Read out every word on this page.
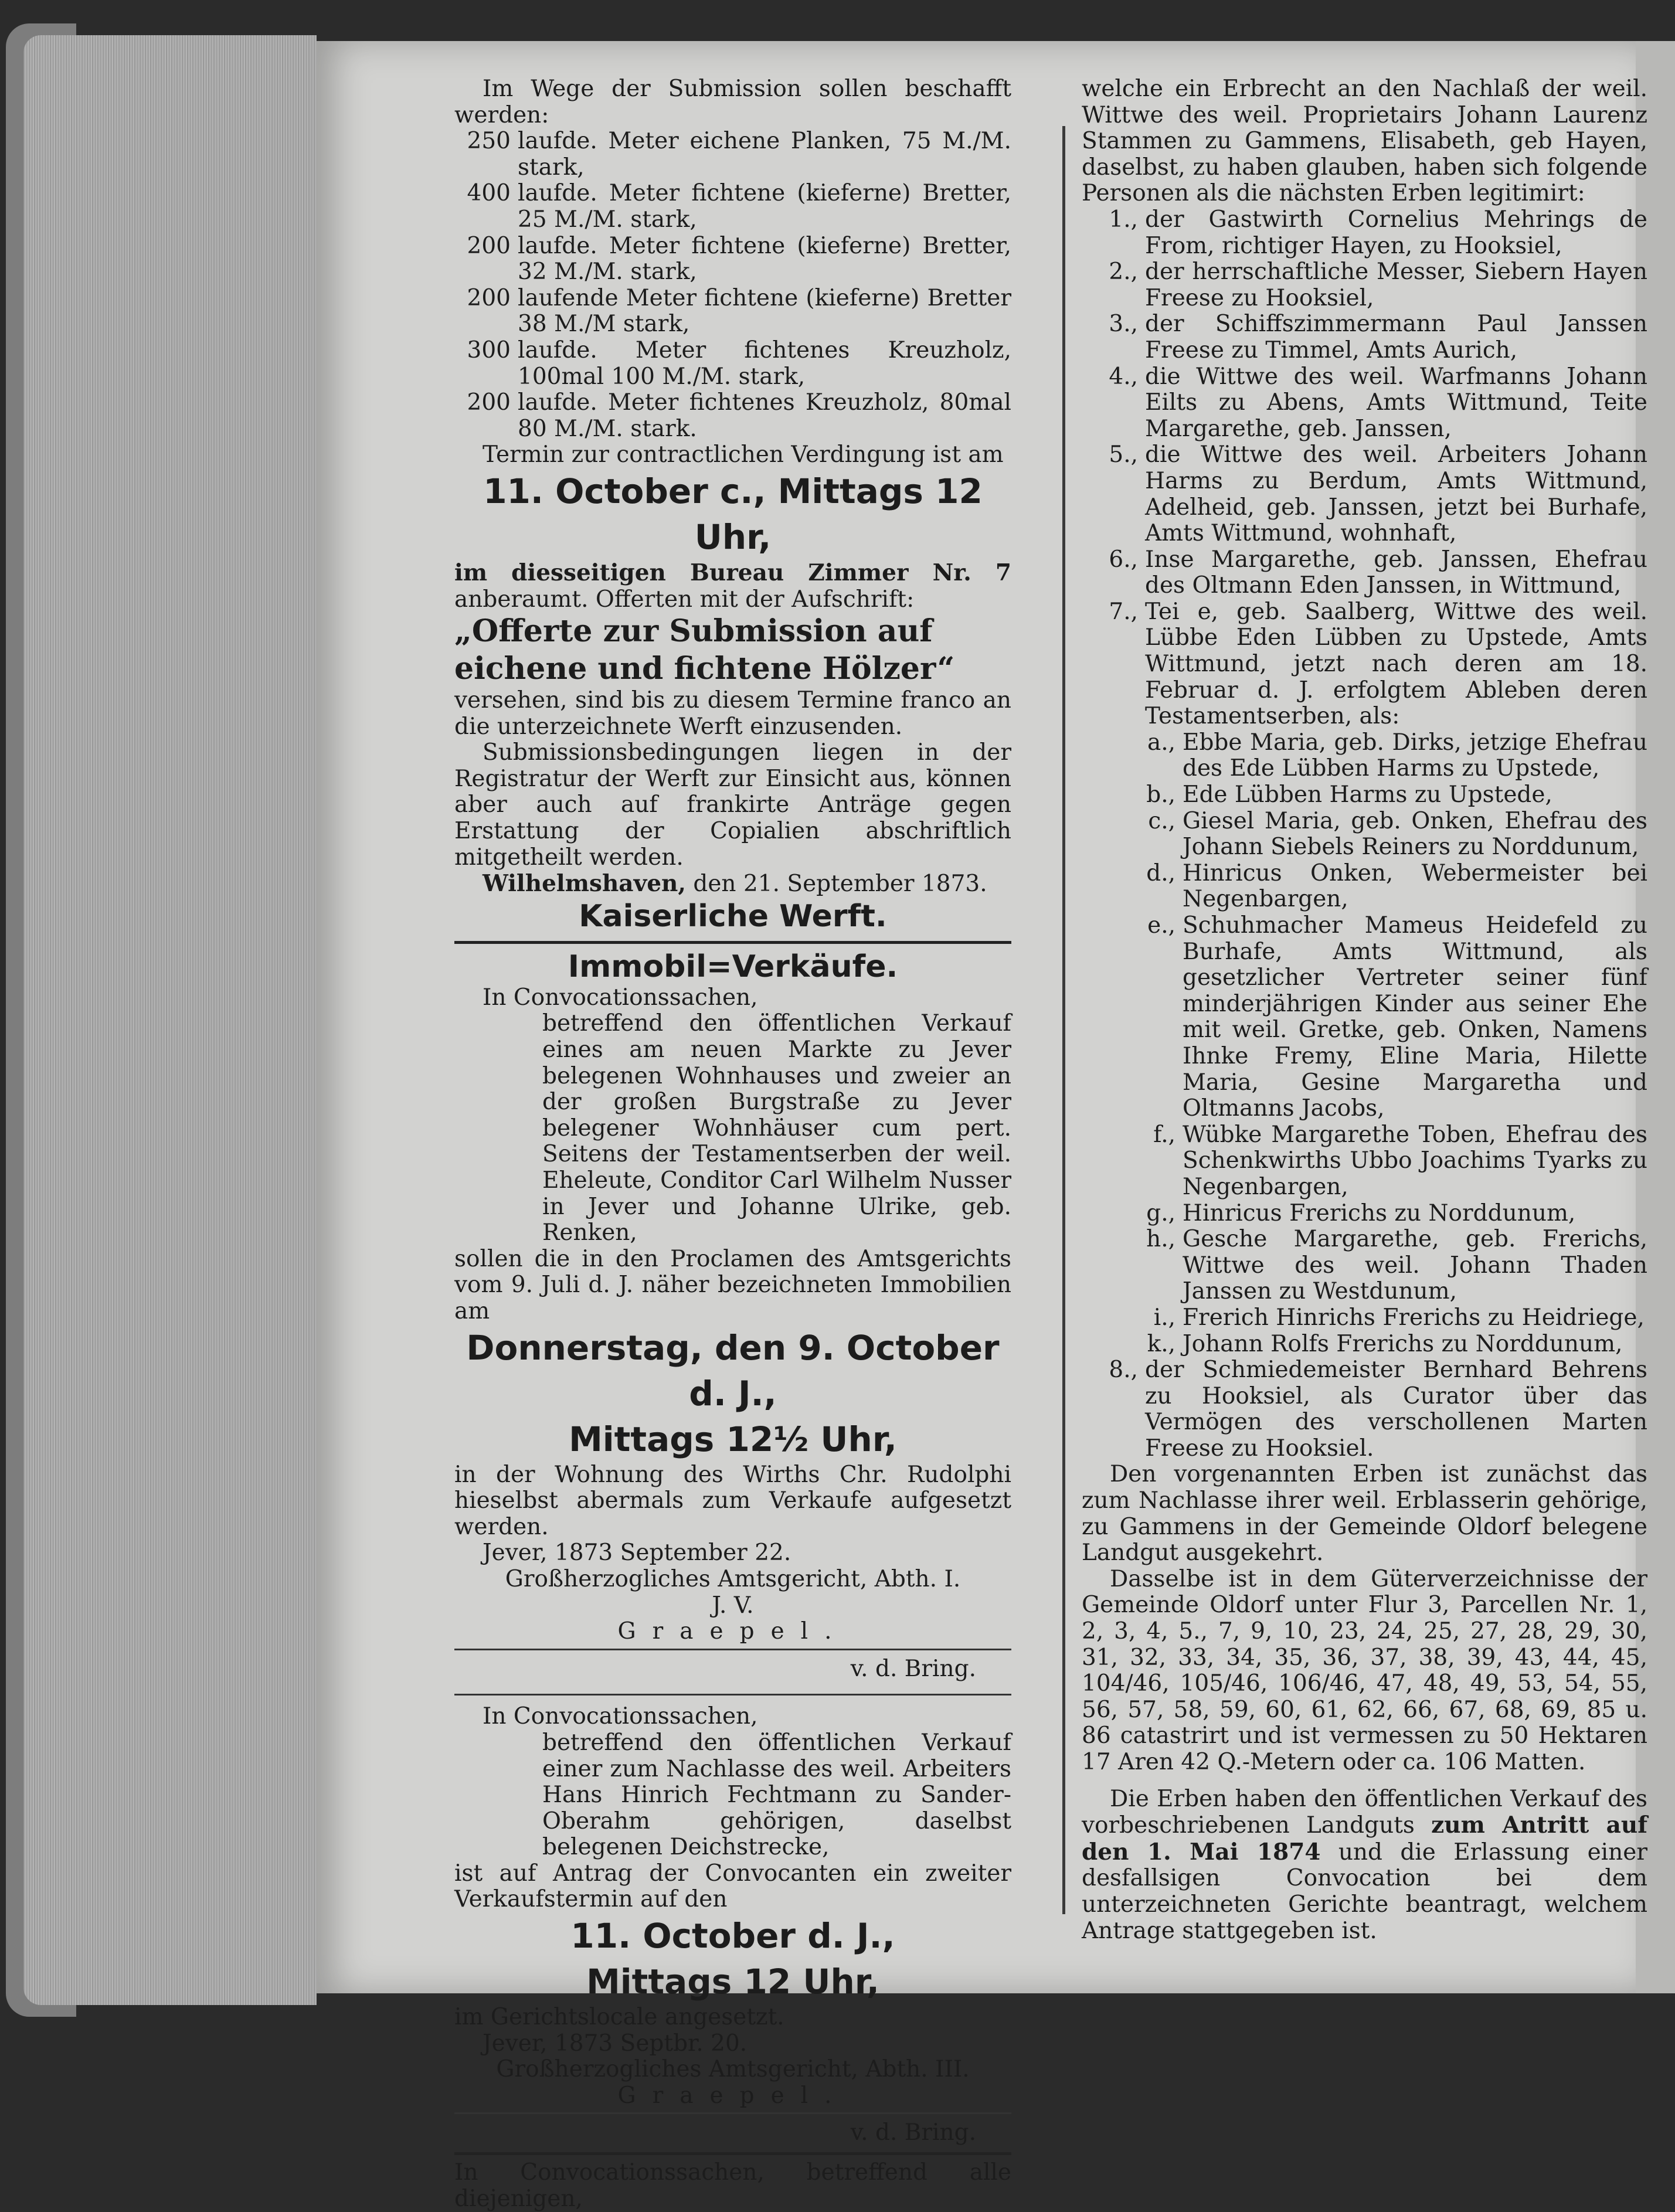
Im Wege der Submission sollen beschafft werden:

250 laufde. Meter eichene Planken, 75 M./M. stark,
400 laufde. Meter fichtene (kieferne) Bretter, 25 M./M. stark,
200 laufde. Meter fichtene (kieferne) Bretter, 32 M./M. stark,
200 laufende Meter fichtene (kieferne) Bretter 38 M./M stark,
300 laufde. Meter fichtenes Kreuzholz, 100mal 100 M./M. stark,
200 laufde. Meter fichtenes Kreuzholz, 80mal 80 M./M. stark.

Termin zur contractlichen Verdingung ist am

11. October c., Mittags 12 Uhr,

im diesseitigen Bureau Zimmer Nr. 7 anberaumt. Offerten mit der Aufschrift:

„Offerte zur Submission auf eichene und fichtene Hölzer“

versehen, sind bis zu diesem Termine franco an die unterzeichnete Werft einzusenden.

Submissionsbedingungen liegen in der Registratur der Werft zur Einsicht aus, können aber auch auf frankirte Anträge gegen Erstattung der Copialien abschriftlich mitgetheilt werden.

Wilhelmshaven, den 21. September 1873.

Kaiserliche Werft.
Immobil=Verkäufe.

In Convocationssachen,

betreffend den öffentlichen Verkauf eines am neuen Markte zu Jever belegenen Wohnhauses und zweier an der großen Burgstraße zu Jever belegener Wohnhäuser cum pert. Seitens der Testamentserben der weil. Eheleute, Conditor Carl Wilhelm Nusser in Jever und Johanne Ulrike, geb. Renken,

sollen die in den Proclamen des Amtsgerichts vom 9. Juli d. J. näher bezeichneten Immobilien am

Donnerstag, den 9. October d. J.,
Mittags 12½ Uhr,

in der Wohnung des Wirths Chr. Rudolphi hieselbst abermals zum Verkaufe aufgesetzt werden.

Jever, 1873 September 22.

Großherzogliches Amtsgericht, Abth. I.

J. V.

Graepel.

v. d. Bring.

In Convocationssachen,

betreffend den öffentlichen Verkauf einer zum Nachlasse des weil. Arbeiters Hans Hinrich Fechtmann zu Sander-Oberahm gehörigen, daselbst belegenen Deichstrecke,

ist auf Antrag der Convocanten ein zweiter Verkaufstermin auf den

11. October d. J.,
Mittags 12 Uhr,

im Gerichtslocale angesetzt.

Jever, 1873 Septbr. 20.

Großherzogliches Amtsgericht, Abth. III.

Graepel.

v. d. Bring.

In Convocationssachen, betreffend alle diejenigen,

welche ein Erbrecht an den Nachlaß der weil. Wittwe des weil. Proprietairs Johann Laurenz Stammen zu Gammens, Elisabeth, geb Hayen, daselbst, zu haben glauben, haben sich folgende Personen als die nächsten Erben legitimirt:

1., der Gastwirth Cornelius Mehrings de From, richtiger Hayen, zu Hooksiel,
2., der herrschaftliche Messer, Siebern Hayen Freese zu Hooksiel,
3., der Schiffszimmermann Paul Janssen Freese zu Timmel, Amts Aurich,
4., die Wittwe des weil. Warfmanns Johann Eilts zu Abens, Amts Wittmund, Teite Margarethe, geb. Janssen,
5., die Wittwe des weil. Arbeiters Johann Harms zu Berdum, Amts Wittmund, Adelheid, geb. Janssen, jetzt bei Burhafe, Amts Wittmund, wohnhaft,
6., Inse Margarethe, geb. Janssen, Ehefrau des Oltmann Eden Janssen, in Wittmund,
7., Tei e, geb. Saalberg, Wittwe des weil. Lübbe Eden Lübben zu Upstede, Amts Wittmund, jetzt nach deren am 18. Februar d. J. erfolgtem Ableben deren Testamentserben, als:
a., Ebbe Maria, geb. Dirks, jetzige Ehefrau des Ede Lübben Harms zu Upstede,
b., Ede Lübben Harms zu Upstede,
c., Giesel Maria, geb. Onken, Ehefrau des Johann Siebels Reiners zu Norddunum,
d., Hinricus Onken, Webermeister bei Negenbargen,
e., Schuhmacher Mameus Heidefeld zu Burhafe, Amts Wittmund, als gesetzlicher Vertreter seiner fünf minderjährigen Kinder aus seiner Ehe mit weil. Gretke, geb. Onken, Namens Ihnke Fremy, Eline Maria, Hilette Maria, Gesine Margaretha und Oltmanns Jacobs,
f., Wübke Margarethe Toben, Ehefrau des Schenkwirths Ubbo Joachims Tyarks zu Negenbargen,
g., Hinricus Frerichs zu Norddunum,
h., Gesche Margarethe, geb. Frerichs, Wittwe des weil. Johann Thaden Janssen zu Westdunum,
i., Frerich Hinrichs Frerichs zu Heidriege,
k., Johann Rolfs Frerichs zu Norddunum,
8., der Schmiedemeister Bernhard Behrens zu Hooksiel, als Curator über das Vermögen des verschollenen Marten Freese zu Hooksiel.

Den vorgenannten Erben ist zunächst das zum Nachlasse ihrer weil. Erblasserin gehörige, zu Gammens in der Gemeinde Oldorf belegene Landgut ausgekehrt.

Dasselbe ist in dem Güterverzeichnisse der Gemeinde Oldorf unter Flur 3, Parcellen Nr. 1, 2, 3, 4, 5., 7, 9, 10, 23, 24, 25, 27, 28, 29, 30, 31, 32, 33, 34, 35, 36, 37, 38, 39, 43, 44, 45, 104/46, 105/46, 106/46, 47, 48, 49, 53, 54, 55, 56, 57, 58, 59, 60, 61, 62, 66, 67, 68, 69, 85 u. 86 catastrirt und ist vermessen zu 50 Hektaren 17 Aren 42 Q.-Metern oder ca. 106 Matten.

Die Erben haben den öffentlichen Verkauf des vorbeschriebenen Landguts zum Antritt auf den 1. Mai 1874 und die Erlassung einer desfallsigen Convocation bei dem unterzeichneten Gerichte beantragt, welchem Antrage stattgegeben ist.
